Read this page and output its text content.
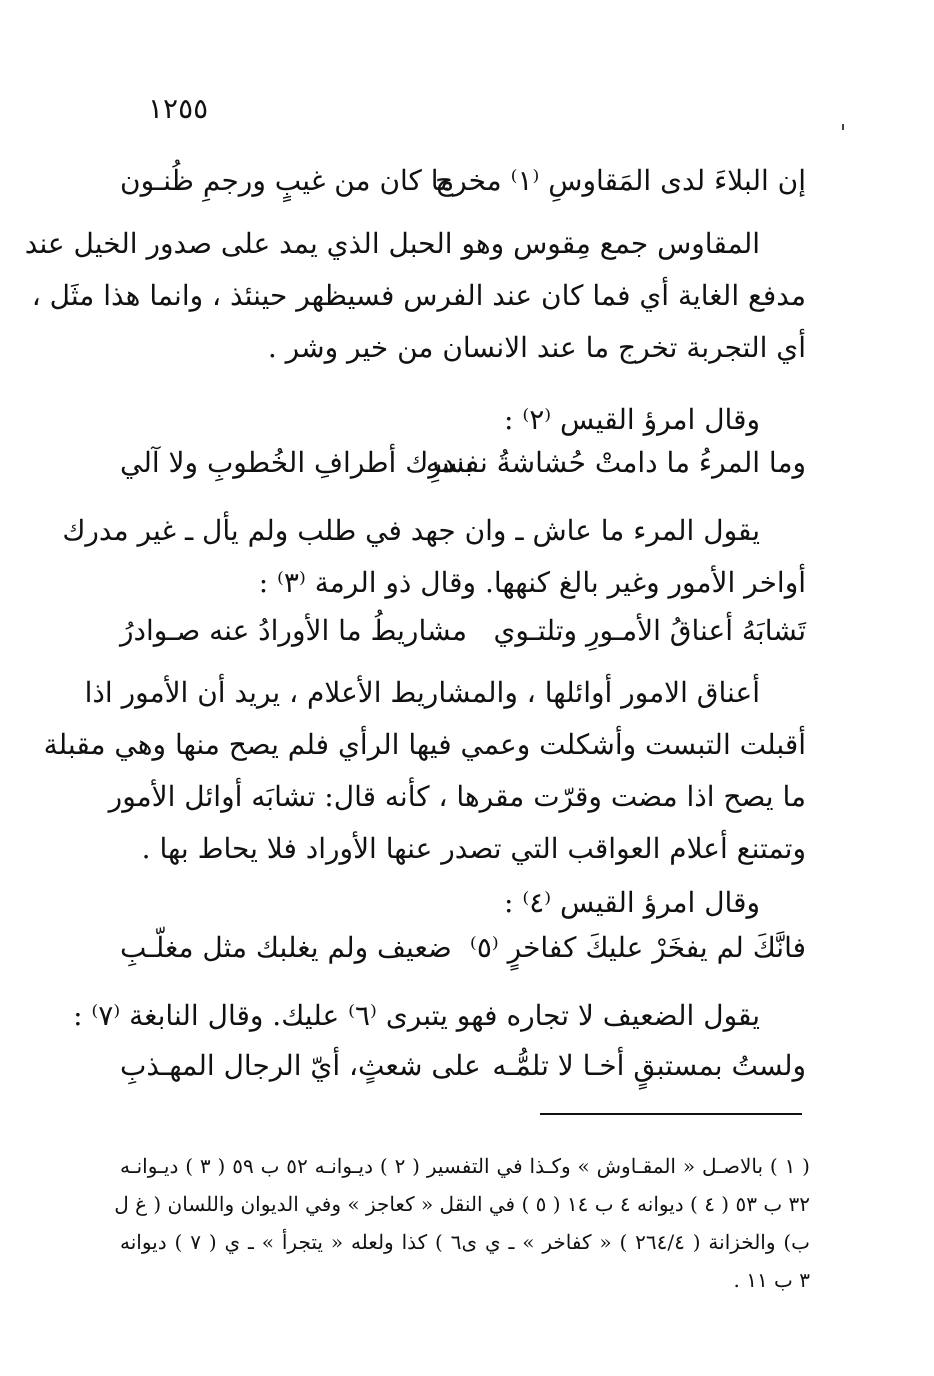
١٢٥٥
إن البلاءَ لدى المَقاوسِ ⁽١⁾ مخرج
ما كان من غيبٍ ورجمِ ظُنـون
المقاوس جمع مِقوس وهو الحبل الذي يمد على صدور الخيل عند
مدفع الغاية أي فما كان عند الفرس فسيظهر حينئذ ، وانما هذا مثَل ،
أي التجربة تخرج ما عند الانسان من خير وشر .
وقال امرؤ القيس ⁽٢⁾ :
وما المرءُ ما دامتْ حُشاشةُ نفسه
بندرِك أطرافِ الخُطوبِ ولا آلي
يقول المرء ما عاش ـ وان جهد في طلب ولم يأل ـ غير مدرك
أواخر الأمور وغير بالغ كنهها. وقال ذو الرمة ⁽٣⁾ :
تَشابَهُ أعناقُ الأمـورِ وتلتـوي
مشاريطُ ما الأورادُ عنه صـوادرُ
أعناق الامور أوائلها ، والمشاريط الأعلام ، يريد أن الأمور اذا
أقبلت التبست وأشكلت وعمي فيها الرأي فلم يصح منها وهي مقبلة
ما يصح اذا مضت وقرّت مقرها ، كأنه قال: تشابَه أوائل الأمور
وتمتنع أعلام العواقب التي تصدر عنها الأوراد فلا يحاط بها .
وقال امرؤ القيس ⁽٤⁾ :
فانَّكَ لم يفخَرْ عليكَ كفاخرٍ ⁽٥⁾
ضعيف ولم يغلبك مثل مغلّـبِ
يقول الضعيف لا تجاره فهو يتبرى ⁽٦⁾ عليك. وقال النابغة ⁽٧⁾ :
ولستُ بمستبقٍ أخـا لا تلمُّـه
على شعثٍ، أيّ الرجال المهـذبِ
( ١ ) بالاصـل « المقـاوش » وكـذا في التفسير ( ٢ ) ديـوانـه ٥٢ ب ٥٩ ( ٣ ) ديـوانـه
٣٢ ب ٥٣ ( ٤ ) ديوانه ٤ ب ١٤ ( ٥ ) في النقل « كعاجز » وفي الديوان واللسان ( غ ل
ب) والخزانة ( ٢٦٤/٤ ) « كفاخر » ـ ي ى٦ ) كذا ولعله « يتجرأ » ـ ي ( ٧ ) ديوانه
٣ ب ١١ .
